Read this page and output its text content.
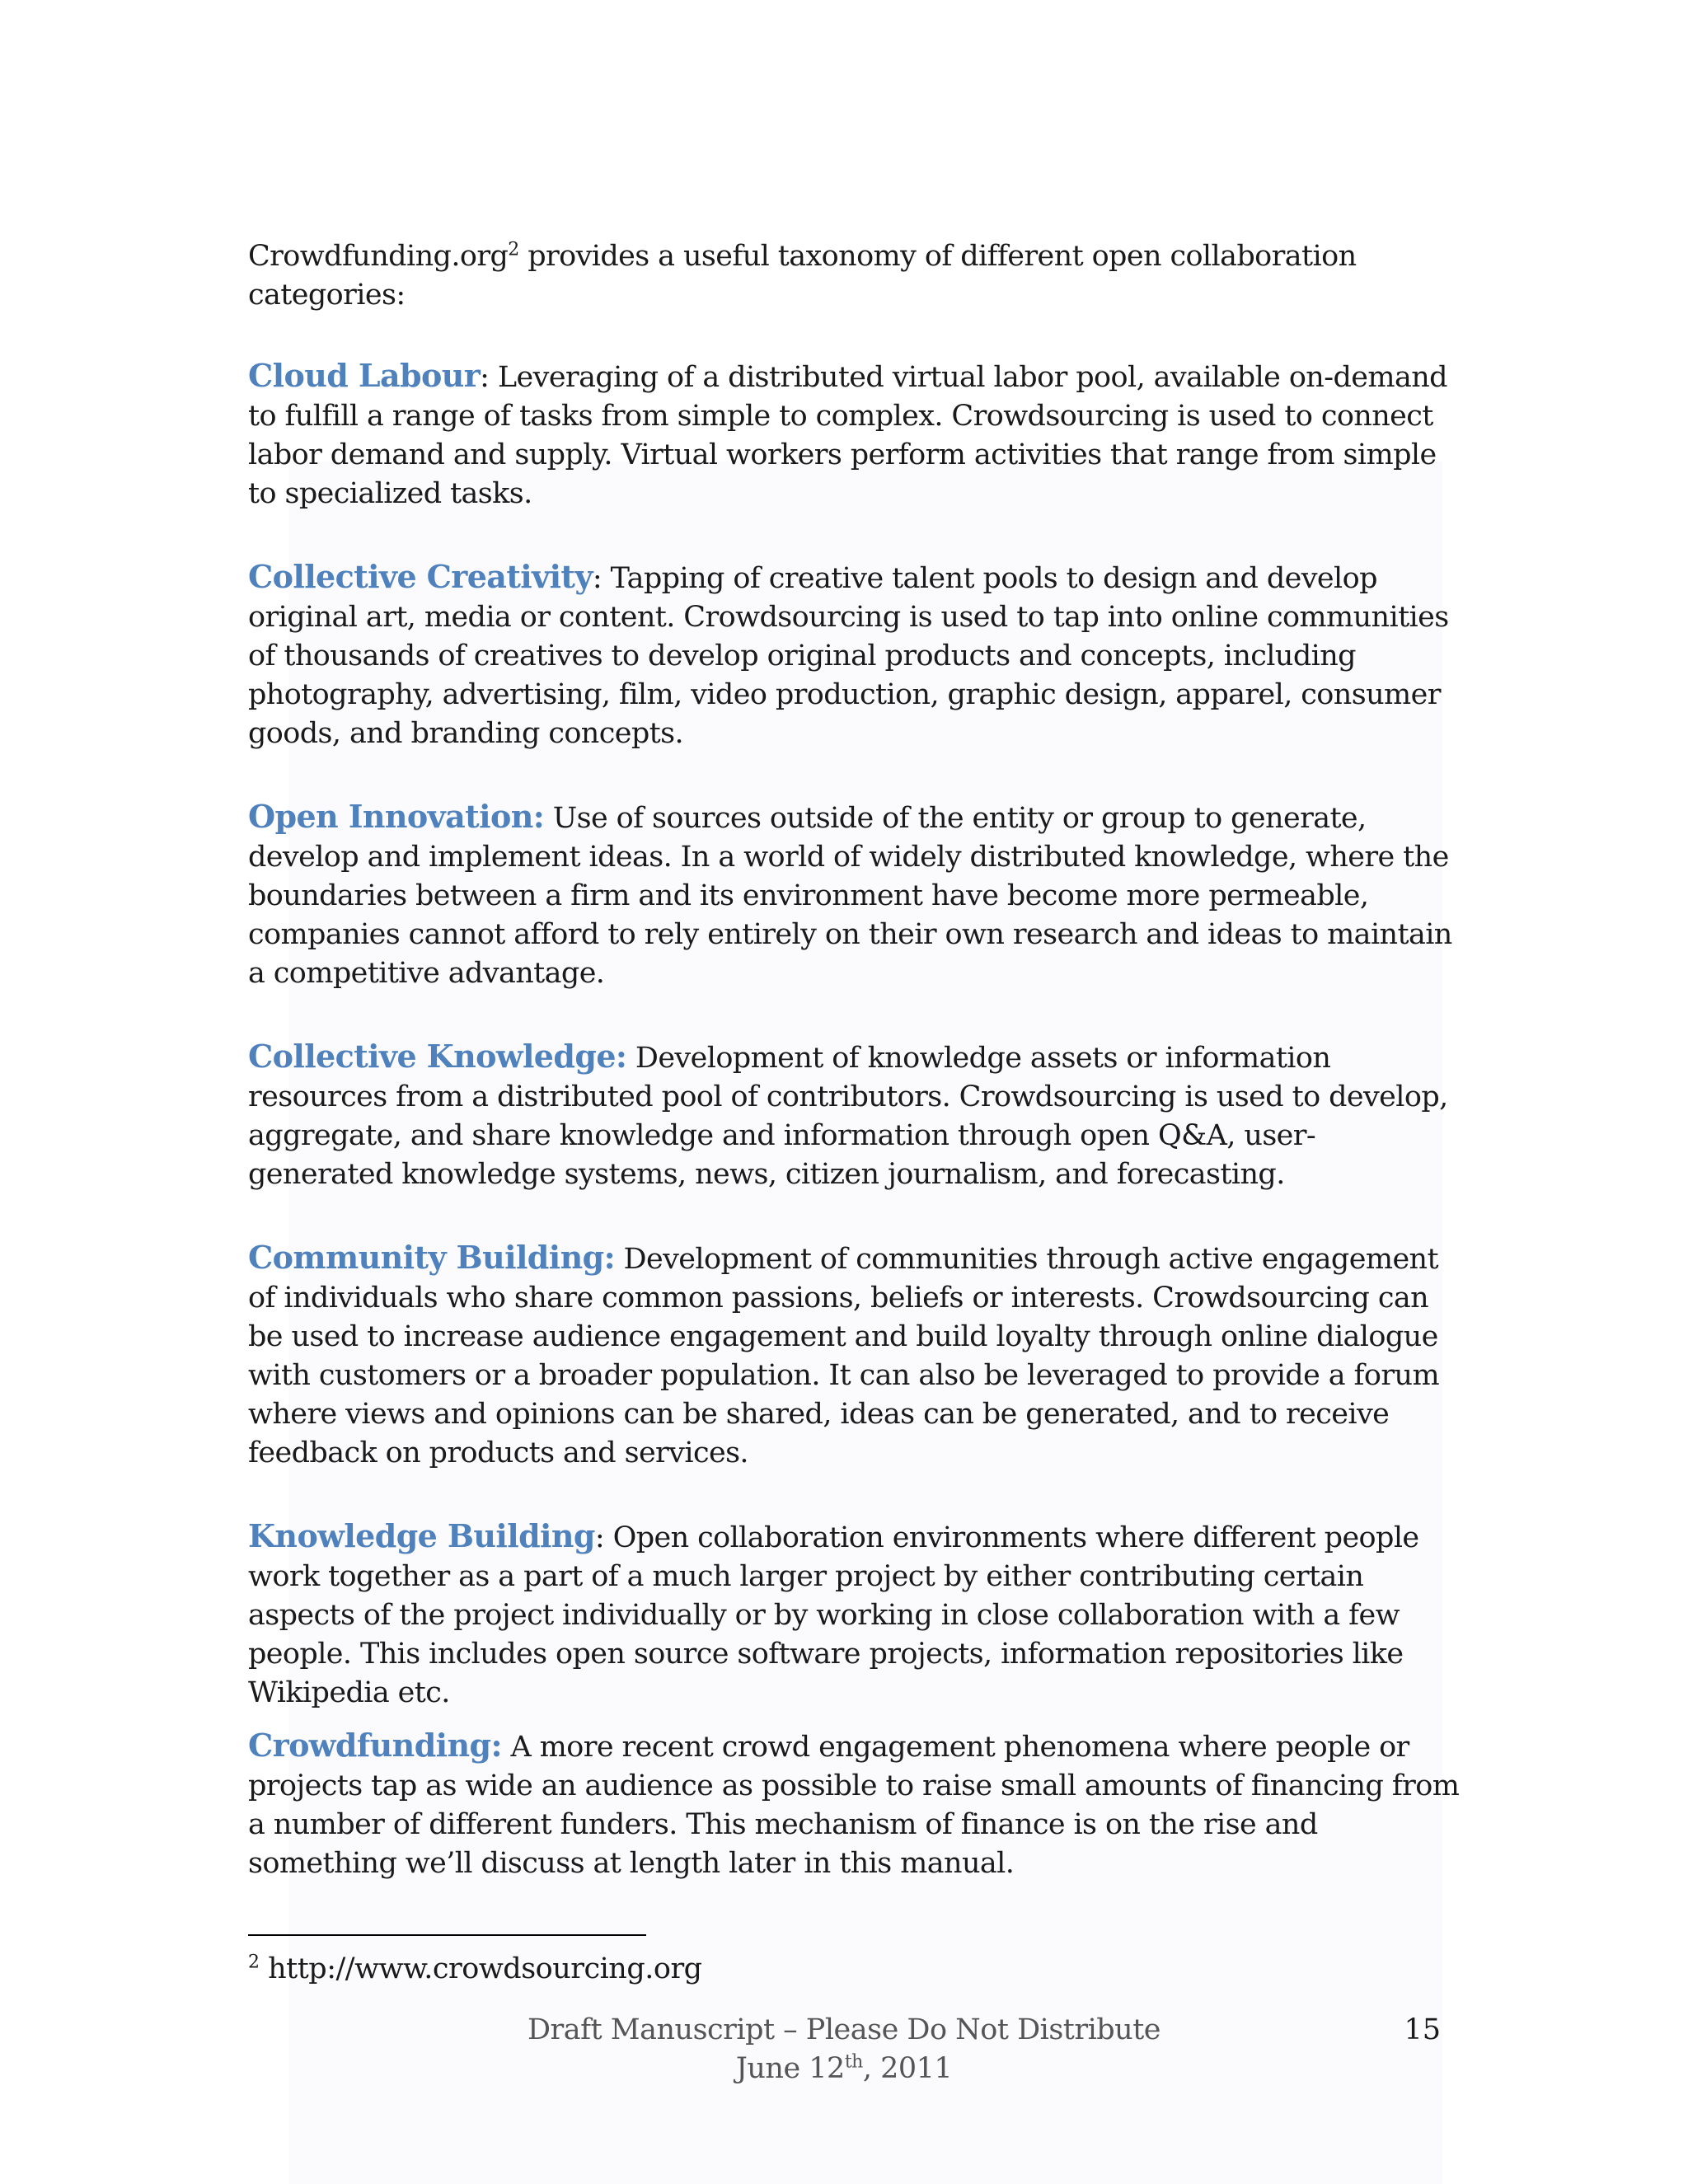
Crowdfunding.org$^2$ provides a useful taxonomy of different open collaboration categories:

Cloud Labour: Leveraging of a distributed virtual labor pool, available on-demand to fulfill a range of tasks from simple to complex. Crowdsourcing is used to connect labor demand and supply. Virtual workers perform activities that range from simple to specialized tasks.

Collective Creativity: Tapping of creative talent pools to design and develop original art, media or content. Crowdsourcing is used to tap into online communities of thousands of creatives to develop original products and concepts, including photography, advertising, film, video production, graphic design, apparel, consumer goods, and branding concepts.

Open Innovation: Use of sources outside of the entity or group to generate, develop and implement ideas. In a world of widely distributed knowledge, where the boundaries between a firm and its environment have become more permeable, companies cannot afford to rely entirely on their own research and ideas to maintain a competitive advantage.

Collective Knowledge: Development of knowledge assets or information resources from a distributed pool of contributors. Crowdsourcing is used to develop, aggregate, and share knowledge and information through open Q&A, user-generated knowledge systems, news, citizen journalism, and forecasting.

Community Building: Development of communities through active engagement of individuals who share common passions, beliefs or interests. Crowdsourcing can be used to increase audience engagement and build loyalty through online dialogue with customers or a broader population. It can also be leveraged to provide a forum where views and opinions can be shared, ideas can be generated, and to receive feedback on products and services.

Knowledge Building: Open collaboration environments where different people work together as a part of a much larger project by either contributing certain aspects of the project individually or by working in close collaboration with a few people. This includes open source software projects, information repositories like Wikipedia etc.

Crowdfunding: A more recent crowd engagement phenomena where people or projects tap as wide an audience as possible to raise small amounts of financing from a number of different funders. This mechanism of finance is on the rise and something we’ll discuss at length later in this manual.

$^2$ http://www.crowdsourcing.org

Draft Manuscript – Please Do Not Distribute
June 12th, 2011
15
